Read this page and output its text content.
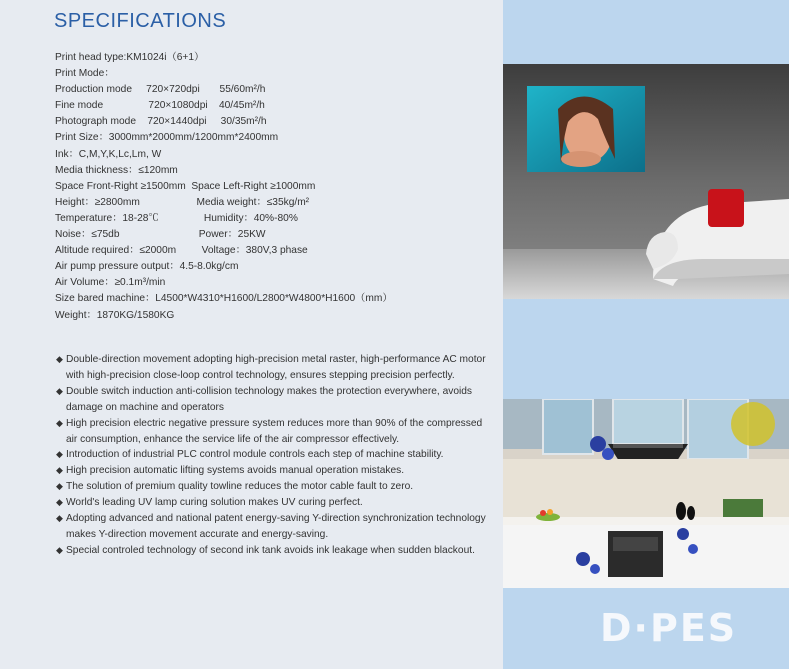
SPECIFICATIONS
Print head type:KM1024i（6+1）
Print Mode：
Production mode     720×720dpi       55/60m²/h
Fine mode                720×1080dpi    40/45m²/h
Photograph mode    720×1440dpi     30/35m²/h
Print Size：3000mm*2000mm/1200mm*2400mm
Ink：C,M,Y,K,Lc,Lm, W
Media thickness：≤120mm
Space Front-Right ≥1500mm  Space Left-Right ≥1000mm
Height：≥2800mm                    Media weight：≤35kg/m²
Temperature：18-28℃                Humidity：40%-80%
Noise：≤75db                            Power：25KW
Altitude required：≤2000m         Voltage：380V,3 phase
Air pump pressure output：4.5-8.0kg/cm
Air Volume：≥0.1m³/min
Size bared machine：L4500*W4310*H1600/L2800*W4800*H1600（mm）
Weight：1870KG/1580KG
◆ Double-direction movement adopting high-precision metal raster, high-performance AC motor with high-precision close-loop control technology, ensures stepping precision perfectly.
◆ Double switch induction anti-collision technology makes the protection everywhere, avoids damage on machine and operators
◆ High precision electric negative pressure system reduces more than 90% of the compressed air consumption, enhance the service life of the air compressor effectively.
◆ Introduction of industrial PLC control module controls each step of machine stability.
◆ High precision automatic lifting systems avoids manual operation mistakes.
◆ The solution of premium quality towline reduces the motor cable fault to zero.
◆ World's leading UV lamp curing solution makes UV curing perfect.
◆ Adopting advanced and national patent energy-saving Y-direction synchronization technology makes Y-direction movement accurate and energy-saving.
◆ Special controled technology of second ink tank avoids ink leakage when sudden blackout.
D·PES
